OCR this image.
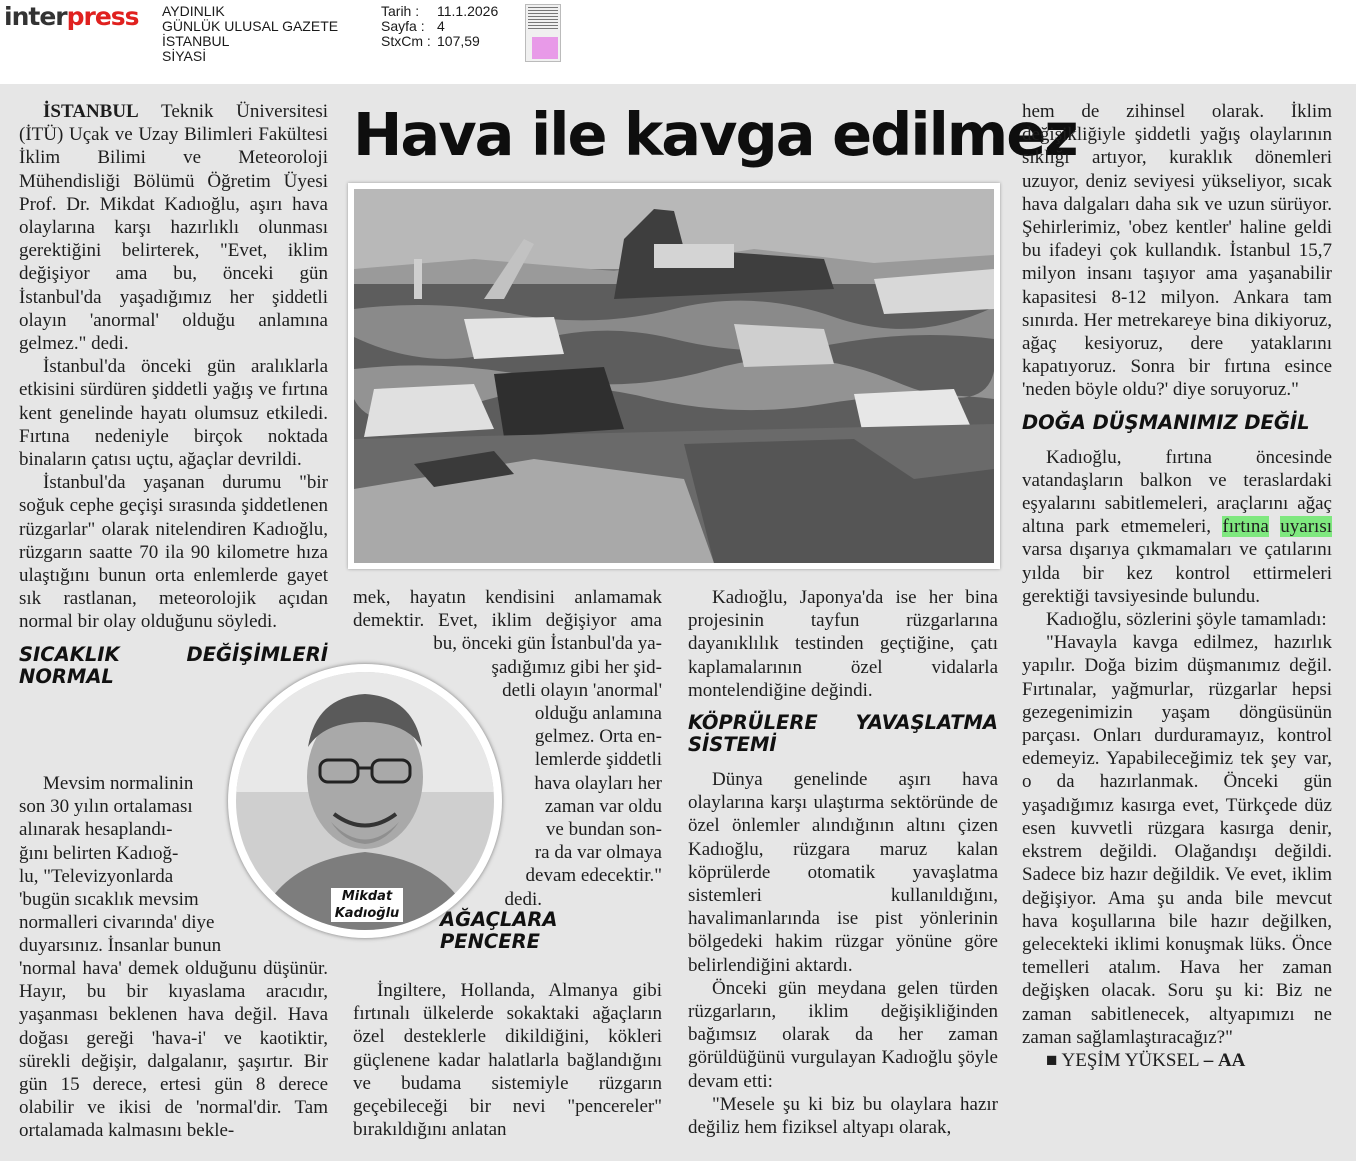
interpress AYDINLIK
GÜNLÜK ULUSAL GAZETE
İSTANBUL
SİYASİ
Tarih : 11.1.2026
Sayfa : 4
StxCm : 107,59
Hava ile kavga edilmez

İSTANBUL Teknik Üniversitesi (İTÜ) Uçak ve Uzay Bilimleri Fakültesi İklim Bilimi ve Meteoroloji Mühendisliği Bölümü Öğretim Üyesi Prof. Dr. Mikdat Kadıoğlu, aşırı hava olaylarına karşı hazırlıklı olunması gerektiğini belirterek, "Evet, iklim değişiyor ama bu, önceki gün İstanbul'da yaşadığımız her şiddetli olayın 'anormal' olduğu anlamına gelmez." dedi.

İstanbul'da önceki gün aralıklarla etkisini sürdüren şiddetli yağış ve fırtına kent genelinde hayatı olumsuz etkiledi. Fırtına nedeniyle birçok noktada binaların çatısı uçtu, ağaçlar devrildi.

İstanbul'da yaşanan durumu "bir soğuk cephe geçişi sırasında şiddetlenen rüzgarlar" olarak nitelendiren Kadıoğlu, rüzgarın saatte 70 ila 90 kilometre hıza ulaştığını bunun orta enlemlerde gayet sık rastlanan, meteorolojik açıdan normal bir olay olduğunu söyledi.

SICAKLIK DEĞİŞİMLERİ NORMAL
Mevsim normalinin
son 30 yılın ortalaması
alınarak hesaplandı-
ğını belirten Kadıoğ-
lu, "Televizyonlarda
'bugün sıcaklık mevsim
normalleri civarında' diye
duyarsınız. İnsanlar bunun

'normal hava' demek olduğunu düşünür. Hayır, bu bir kıyaslama aracıdır, yaşanması beklenen hava değil. Hava doğası gereği 'hava-i' ve kaotiktir, sürekli değişir, dalgalanır, şaşırtır. Bir gün 15 derece, ertesi gün 8 derece olabilir ve ikisi de 'normal'dir. Tam ortalamada kalmasını bekle-

mek, hayatın kendisini anlamamak
demektir. Evet, iklim değişiyor ama
bu, önceki gün İstanbul'da ya-
şadığımız gibi her şid-
detli olayın 'anormal'
olduğu anlamına
gelmez. Orta en-
lemlerde şiddetli
hava olayları her
zaman var oldu
ve bundan son-
ra da var olmaya
devam edecektir."
dedi.
AĞAÇLARA PENCERE

İngiltere, Hollanda, Almanya gibi fırtınalı ülkelerde sokaktaki ağaçların özel desteklerle dikildiğini, kökleri güçlenene kadar halatlarla bağlandığını ve budama sistemiyle rüzgarın geçebileceği bir nevi "pencereler" bırakıldığını anlatan

Mikdat
Kadıoğlu

Kadıoğlu, Japonya'da ise her bina projesinin tayfun rüzgarlarına dayanıklılık testinden geçtiğine, çatı kaplamalarının özel vidalarla montelendiğine değindi.

KÖPRÜLERE YAVAŞLATMA SİSTEMİ

Dünya genelinde aşırı hava olaylarına karşı ulaştırma sektöründe de özel önlemler alındığının altını çizen Kadıoğlu, rüzgara maruz kalan köprülerde otomatik yavaşlatma sistemleri kullanıldığını, havalimanlarında ise pist yönlerinin bölgedeki hakim rüzgar yönüne göre belirlendiğini aktardı.

Önceki gün meydana gelen türden rüzgarların, iklim değişikliğinden bağımsız olarak da her zaman görüldüğünü vurgulayan Kadıoğlu şöyle devam etti:

"Mesele şu ki biz bu olaylara hazır değiliz hem fiziksel altyapı olarak,

hem de zihinsel olarak. İklim değişikliğiyle şiddetli yağış olaylarının sıklığı artıyor, kuraklık dönemleri uzuyor, deniz seviyesi yükseliyor, sıcak hava dalgaları daha sık ve uzun sürüyor. Şehirlerimiz, 'obez kentler' haline geldi bu ifadeyi çok kullandık. İstanbul 15,7 milyon insanı taşıyor ama yaşanabilir kapasitesi 8-12 milyon. Ankara tam sınırda. Her metrekareye bina dikiyoruz, ağaç kesiyoruz, dere yataklarını kapatıyoruz. Sonra bir fırtına esince 'neden böyle oldu?' diye soruyoruz."

DOĞA DÜŞMANIMIZ DEĞİL

Kadıoğlu, fırtına öncesinde vatandaşların balkon ve teraslardaki eşyalarını sabitlemeleri, araçlarını ağaç altına park etmemeleri, fırtına uyarısı varsa dışarıya çıkmamaları ve çatılarını yılda bir kez kontrol ettirmeleri gerektiği tavsiyesinde bulundu.

Kadıoğlu, sözlerini şöyle tamamladı:

"Havayla kavga edilmez, hazırlık yapılır. Doğa bizim düşmanımız değil. Fırtınalar, yağmurlar, rüzgarlar hepsi gezegenimizin yaşam döngüsünün parçası. Onları durduramayız, kontrol edemeyiz. Yapabileceğimiz tek şey var, o da hazırlanmak. Önceki gün yaşadığımız kasırga evet, Türkçede düz esen kuvvetli rüzgara kasırga denir, ekstrem değildi. Olağandışı değildi. Sadece biz hazır değildik. Ve evet, iklim değişiyor. Ama şu anda bile mevcut hava koşullarına bile hazır değilken, gelecekteki iklimi konuşmak lüks. Önce temelleri atalım. Hava her zaman değişken olacak. Soru şu ki: Biz ne zaman sabitlenecek, altyapımızı ne zaman sağlamlaştıracağız?"

■ YEŞİM YÜKSEL – AA
